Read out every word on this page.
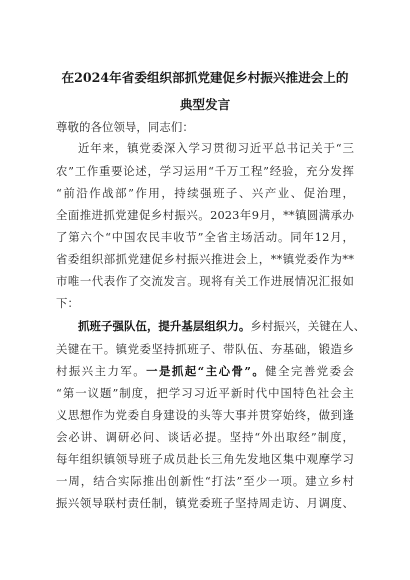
在2024年省委组织部抓党建促乡村振兴推进会上的典型发言

尊敬的各位领导，同志们：

近年来，镇党委深入学习贯彻习近平总书记关于“三

农”工作重要论述，学习运用“千万工程”经验，充分发挥

“前沿作战部”作用，持续强班子、兴产业、促治理，

全面推进抓党建促乡村振兴。2023年9月，**镇圆满承办

了第六个“中国农民丰收节”全省主场活动。同年12月，

省委组织部抓党建促乡村振兴推进会上，**镇党委作为**

市唯一代表作了交流发言。现将有关工作进展情况汇报如

下：

抓班子强队伍，提升基层组织力。乡村振兴，关键在人、

关键在干。镇党委坚持抓班子、带队伍、夯基础，锻造乡

村振兴主力军。一是抓起“主心骨”。健全完善党委会

“第一议题”制度，把学习习近平新时代中国特色社会主

义思想作为党委自身建设的头等大事并贯穿始终，做到逢

会必讲、调研必问、谈话必提。坚持“外出取经”制度，

每年组织镇领导班子成员赴长三角先发地区集中观摩学习

一周，结合实际推出创新性“打法”至少一项。建立乡村

振兴领导联村责任制，镇党委班子坚持周走访、月调度、
